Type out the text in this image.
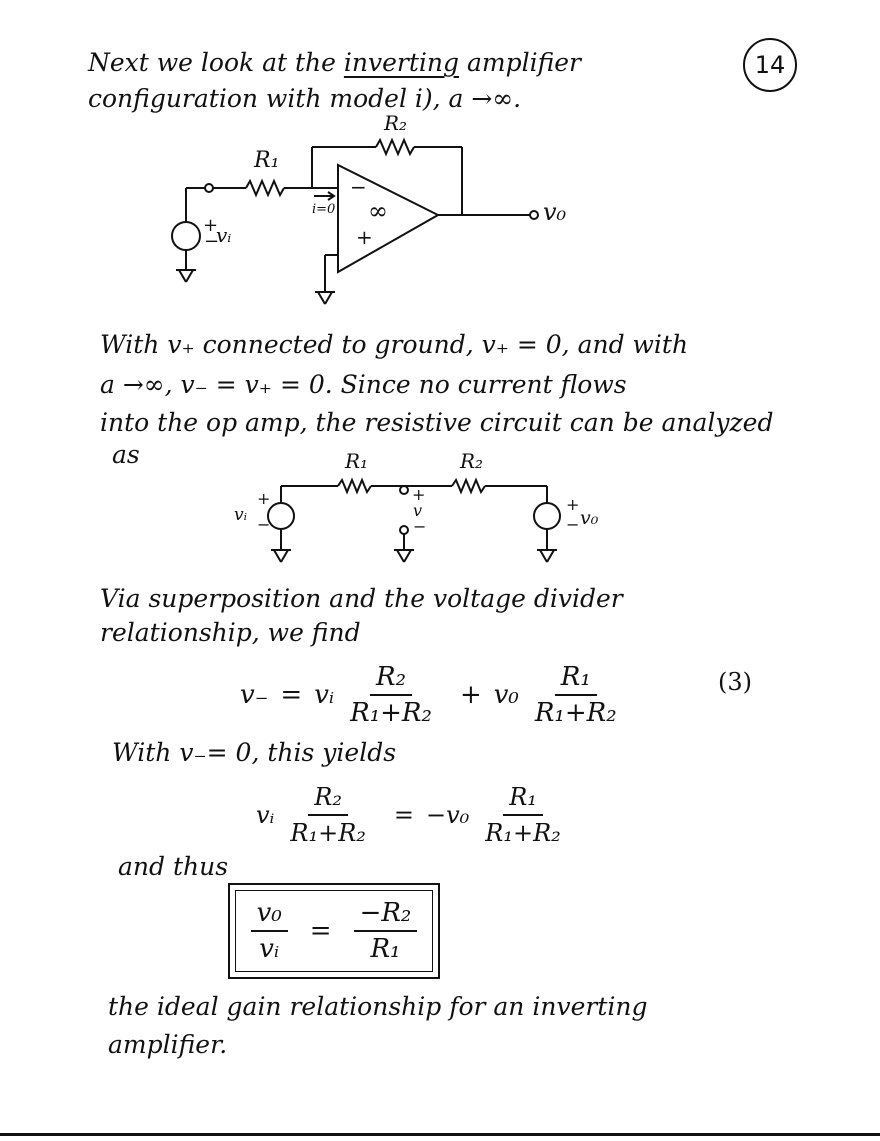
14
Next we look at the inverting amplifier
configuration with model i), a →∞.
R₁
R₂
+
−
vᵢ
i=0
−
+
∞	v₀
With v₊ connected to ground, v₊ = 0, and with
a →∞, v₋ = v₊ = 0. Since no current flows
into the op amp, the resistive circuit can be analyzed
as	R₁	R₂
vᵢ
+
−
+
v
−
+
v₀
−
Via superposition and the voltage divider
relationship, we find
v₋ = vᵢ $\frac{\text{R₂}}{\text{R₁+R₂}} + v_0 \frac{\text{R₁}}{\text{R₁+R₂}}$	(3)
With v₋= 0, this yields
vᵢ $\frac{\text{R₂}}{\text{R₁+R₂}} = -v_0 \frac{\text{R₁}}{\text{R₁+R₂}}$
and thus
$\frac{\text{v₀}}{\text{vᵢ}} = \frac{\text{−R₂}}{\text{R₁}}$
the ideal gain relationship for an inverting
amplifier.
